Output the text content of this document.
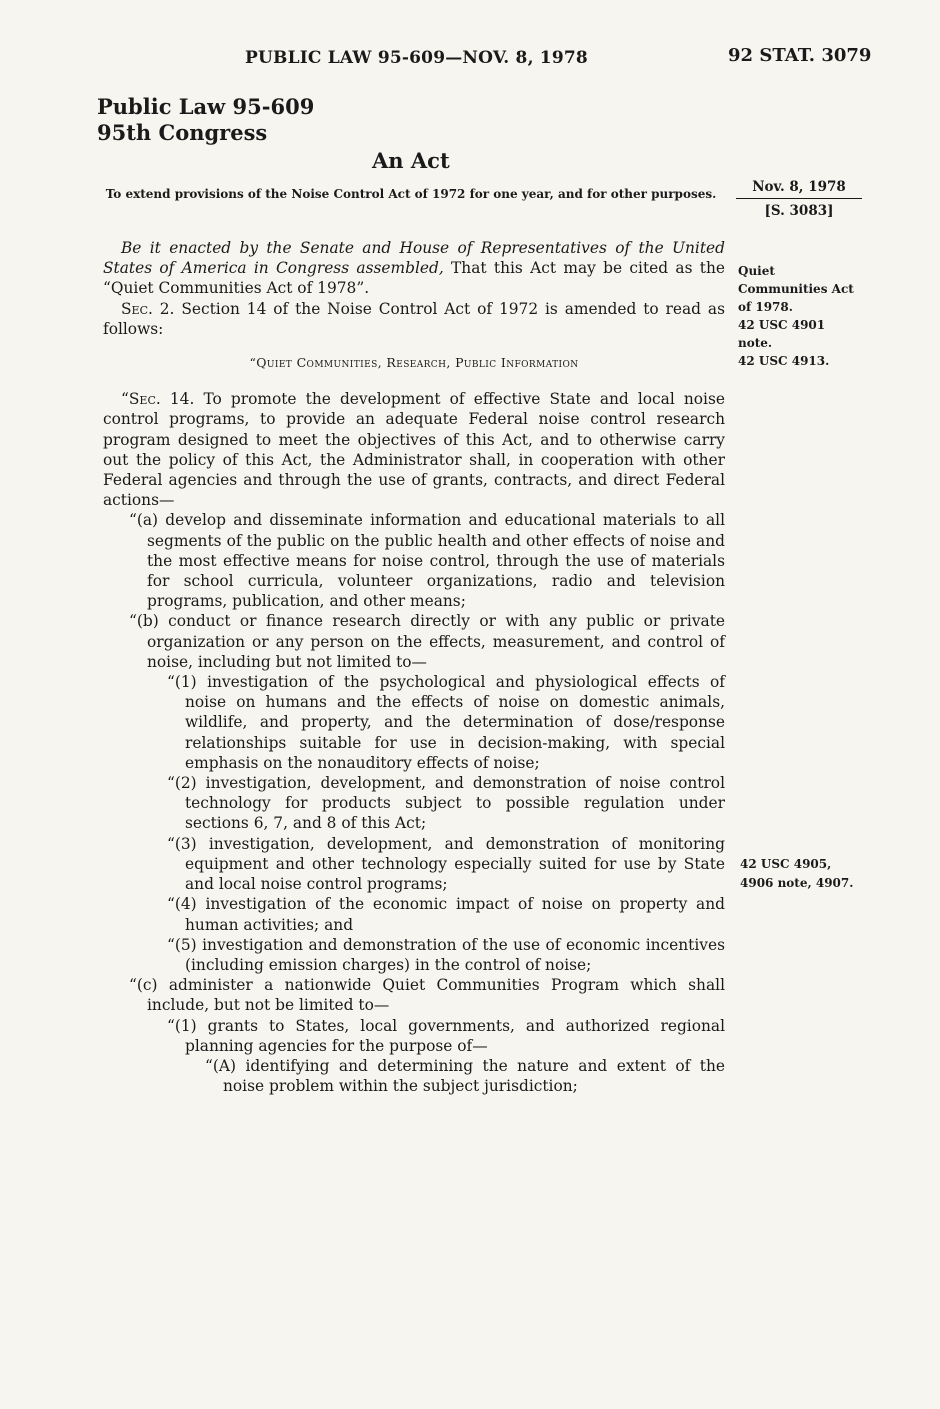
PUBLIC LAW 95-609—NOV. 8, 1978	92 STAT. 3079
Public Law 95-609
95th Congress
An Act
To extend provisions of the Noise Control Act of 1972 for one year, and for other purposes.	Nov. 8, 1978
[S. 3083]
Quiet
Communities Act
of 1978.
42 USC 4901
note.
42 USC 4913.
42 USC 4905,
4906 note, 4907.

Be it enacted by the Senate and House of Representatives of the United States of America in Congress assembled, That this Act may be cited as the “Quiet Communities Act of 1978”.

Sec. 2. Section 14 of the Noise Control Act of 1972 is amended to read as follows:

“Quiet Communities, Research, Public Information

“Sec. 14. To promote the development of effective State and local noise control programs, to provide an adequate Federal noise control research program designed to meet the objectives of this Act, and to otherwise carry out the policy of this Act, the Administrator shall, in cooperation with other Federal agencies and through the use of grants, contracts, and direct Federal actions—

“(a) develop and disseminate information and educational materials to all segments of the public on the public health and other effects of noise and the most effective means for noise control, through the use of materials for school curricula, volunteer organizations, radio and television programs, publication, and other means;

“(b) conduct or finance research directly or with any public or private organization or any person on the effects, measurement, and control of noise, including but not limited to—

“(1) investigation of the psychological and physiological effects of noise on humans and the effects of noise on domestic animals, wildlife, and property, and the determination of dose/response relationships suitable for use in decision-making, with special emphasis on the nonauditory effects of noise;

“(2) investigation, development, and demonstration of noise control technology for products subject to possible regulation under sections 6, 7, and 8 of this Act;

“(3) investigation, development, and demonstration of monitoring equipment and other technology especially suited for use by State and local noise control programs;

“(4) investigation of the economic impact of noise on property and human activities; and

“(5) investigation and demonstration of the use of economic incentives (including emission charges) in the control of noise;

“(c) administer a nationwide Quiet Communities Program which shall include, but not be limited to—

“(1) grants to States, local governments, and authorized regional planning agencies for the purpose of—

“(A) identifying and determining the nature and extent of the noise problem within the subject jurisdiction;
